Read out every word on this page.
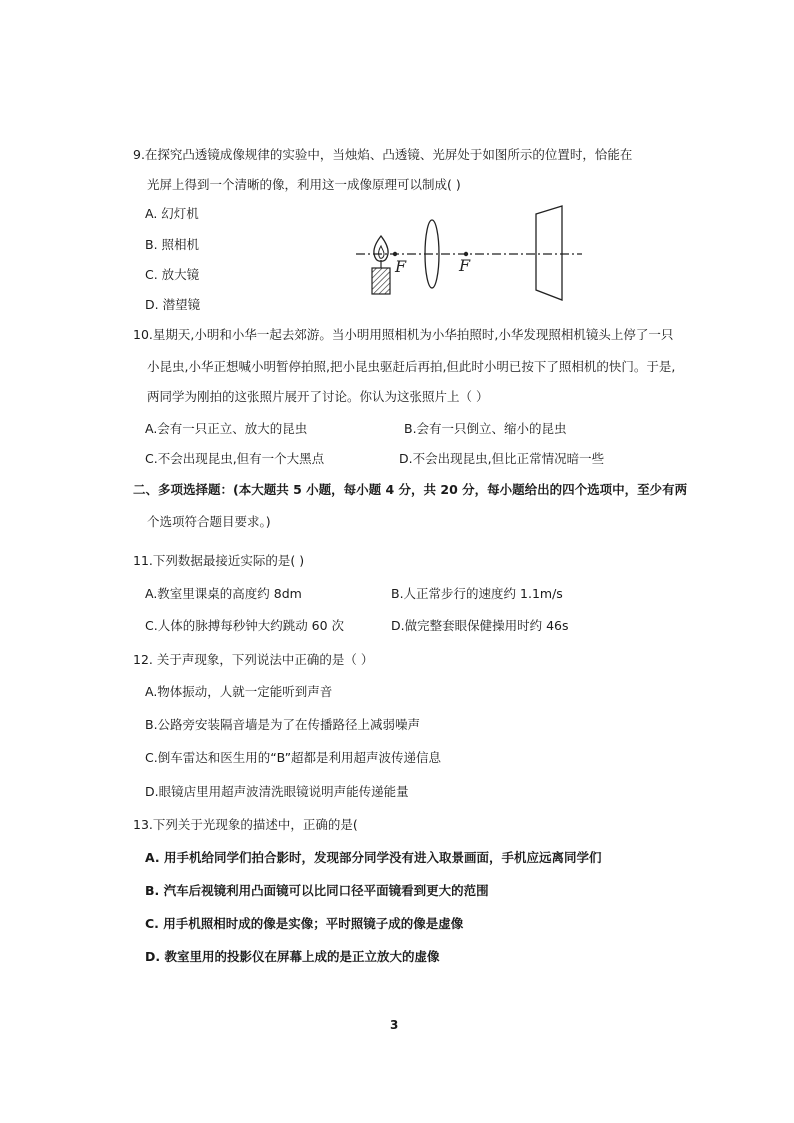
9.在探究凸透镜成像规律的实验中，当烛焰、凸透镜、光屏处于如图所示的位置时，恰能在
光屏上得到一个清晰的像，利用这一成像原理可以制成( )
A. 幻灯机
B. 照相机
C. 放大镜
D. 潜望镜
F	F
10.星期天,小明和小华一起去郊游。当小明用照相机为小华拍照时,小华发现照相机镜头上停了一只
小昆虫,小华正想喊小明暂停拍照,把小昆虫驱赶后再拍,但此时小明已按下了照相机的快门。于是,
两同学为刚拍的这张照片展开了讨论。你认为这张照片上（ ）
A.会有一只正立、放大的昆虫	B.会有一只倒立、缩小的昆虫
C.不会出现昆虫,但有一个大黑点	D.不会出现昆虫,但比正常情况暗一些
二、多项选择题：(本大题共 5 小题，每小题 4 分，共 20 分，每小题给出的四个选项中，至少有两
个选项符合题目要求。)
11.下列数据最接近实际的是( )
A.教室里课桌的高度约 8dm	B.人正常步行的速度约 1.1m/s
C.人体的脉搏每秒钟大约跳动 60 次	D.做完整套眼保健操用时约 46s
12. 关于声现象，下列说法中正确的是（ ）
A.物体振动，人就一定能听到声音
B.公路旁安装隔音墙是为了在传播路径上减弱噪声
C.倒车雷达和医生用的“B”超都是利用超声波传递信息
D.眼镜店里用超声波清洗眼镜说明声能传递能量
13.下列关于光现象的描述中，正确的是(
A. 用手机给同学们拍合影时，发现部分同学没有进入取景画面，手机应远离同学们
B. 汽车后视镜利用凸面镜可以比同口径平面镜看到更大的范围
C. 用手机照相时成的像是实像；平时照镜子成的像是虚像
D. 教室里用的投影仪在屏幕上成的是正立放大的虚像
3
